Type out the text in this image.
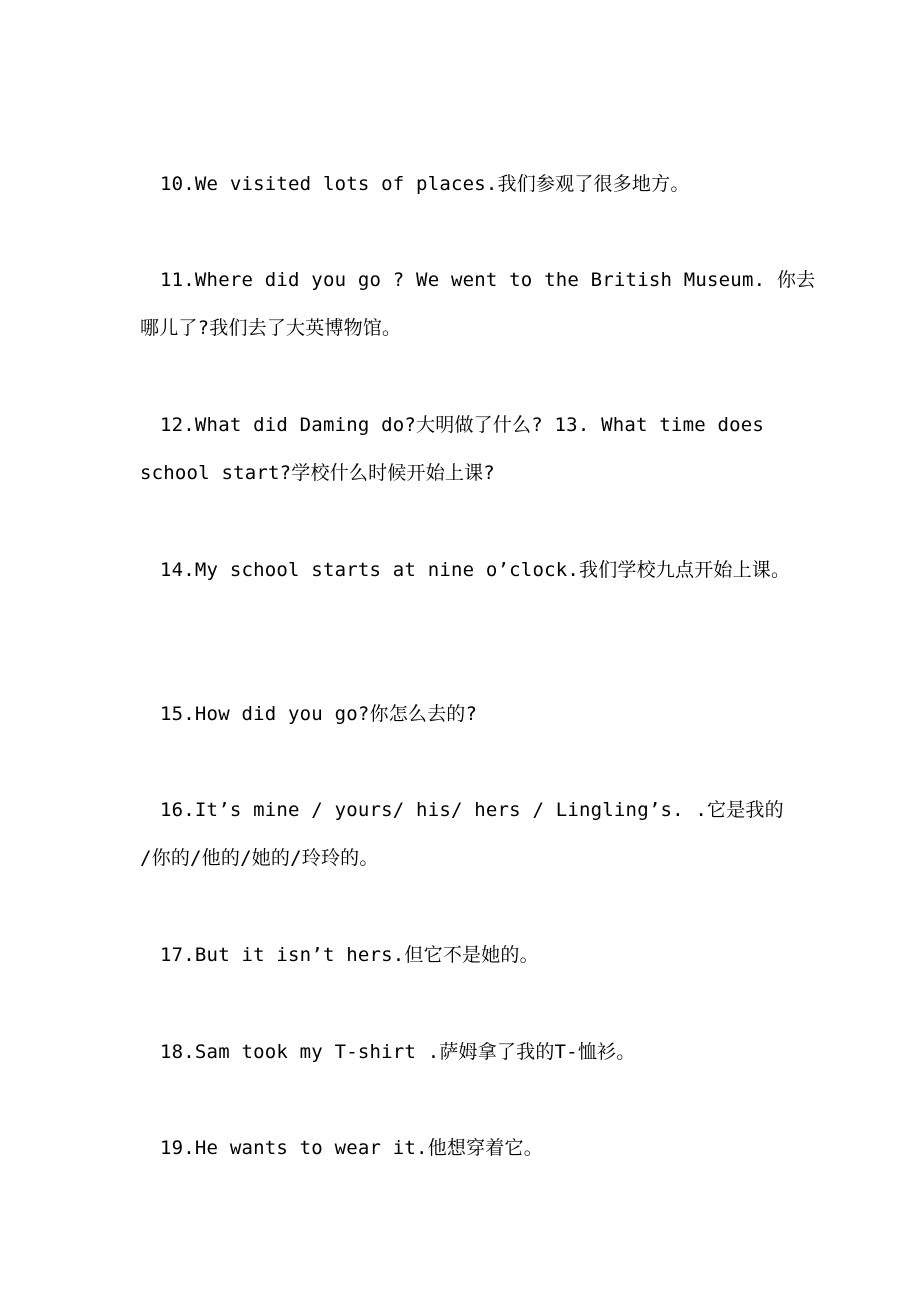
10.We visited lots of places.我们参观了很多地方。
11.Where did you go ? We went to the British Museum. 你去
哪儿了?我们去了大英博物馆。
12.What did Daming do?大明做了什么? 13. What time does
school start?学校什么时候开始上课?
14.My school starts at nine o’clock.我们学校九点开始上课。
15.How did you go?你怎么去的?
16.It’s mine / yours/ his/ hers / Lingling’s. .它是我的
/你的/他的/她的/玲玲的。
17.But it isn’t hers.但它不是她的。
18.Sam took my T-shirt .萨姆拿了我的T-恤衫。
19.He wants to wear it.他想穿着它。
